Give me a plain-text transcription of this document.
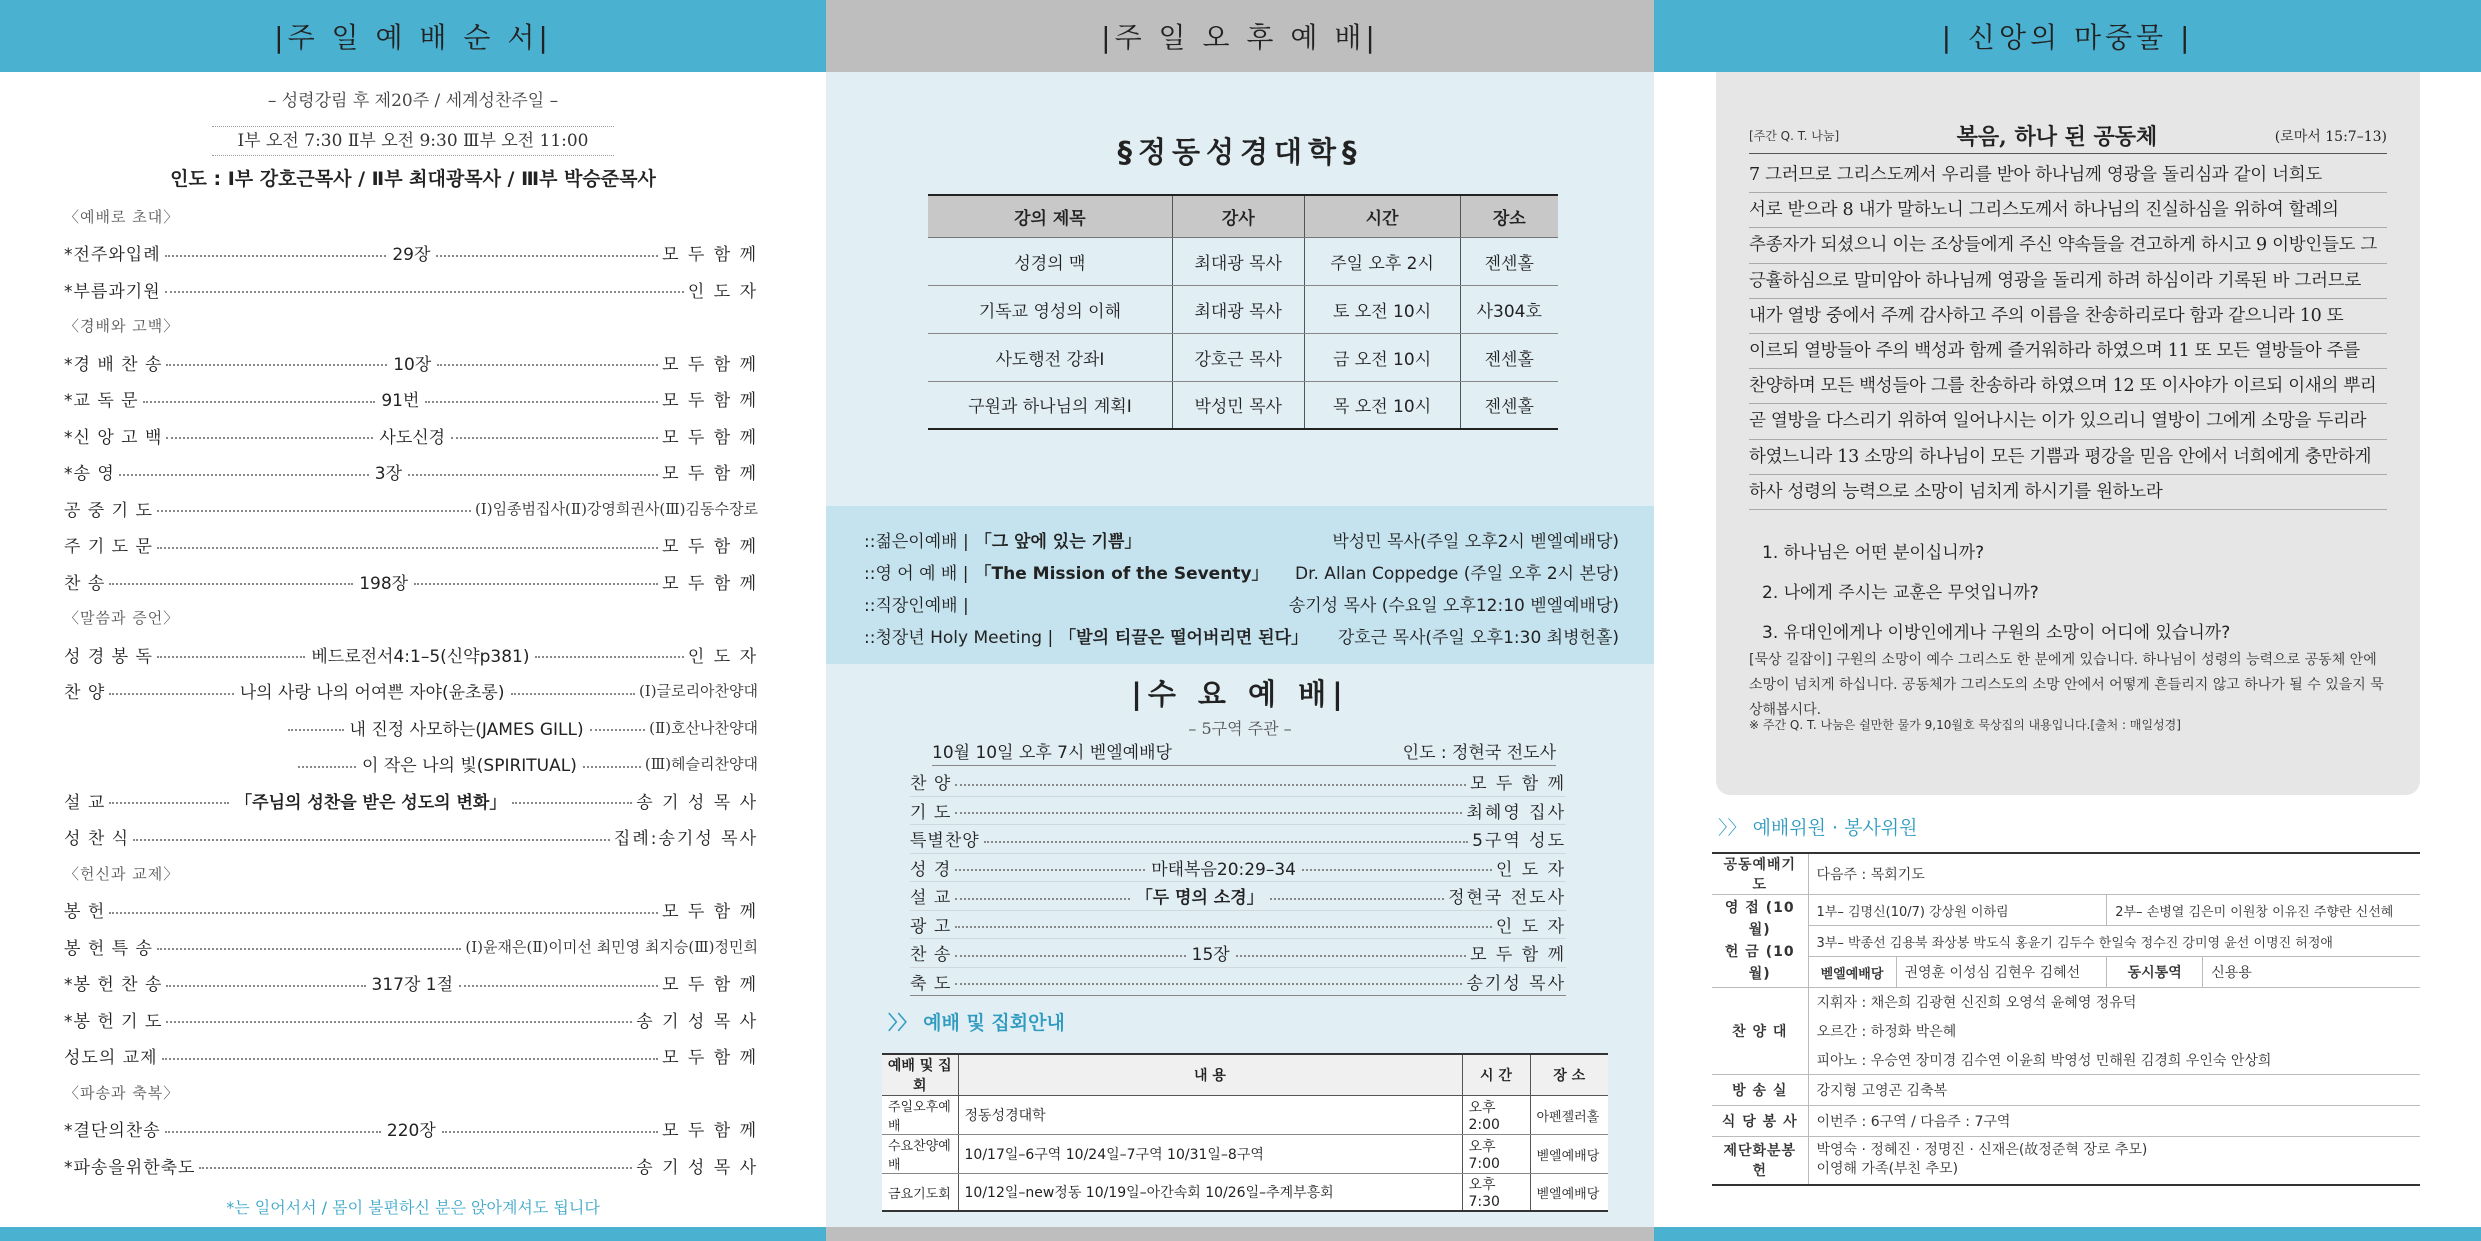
|주 일 예 배 순 서|
– 성령강림 후 제20주 / 세계성찬주일 –
Ⅰ부 오전 7:30 Ⅱ부 오전 9:30 Ⅲ부 오전 11:00
인도 : Ⅰ부 강호근목사 / Ⅱ부 최대광목사 / Ⅲ부 박승준목사
〈예배로 초대〉
*전주와입례	29장	모 두 함 께
*부름과기원	인 도 자
〈경배와 고백〉
*경 배 찬 송	10장	모 두 함 께
*교 독 문	91번	모 두 함 께
*신 앙 고 백	사도신경	모 두 함 께
*송 영	3장	모 두 함 께
공 중 기 도	(Ⅰ)임종범집사(Ⅱ)강영희권사(Ⅲ)김동수장로
주 기 도 문	모 두 함 께
찬 송	198장	모 두 함 께
〈말씀과 증언〉
성 경 봉 독	베드로전서4:1–5(신약p381)	인 도 자
찬 양	나의 사랑 나의 어여쁜 자야(윤초롱)	(Ⅰ)글로리아찬양대
내 진정 사모하는(JAMES GILL)	(Ⅱ)호산나찬양대
이 작은 나의 빛(SPIRITUAL)	(Ⅲ)헤슬리찬양대
설 교	「주님의 성찬을 받은 성도의 변화」	송 기 성 목 사
성 찬 식	집례:송기성 목사
〈헌신과 교제〉
봉 헌	모 두 함 께
봉 헌 특 송	(Ⅰ)윤재은(Ⅱ)이미선 최민영 최지승(Ⅲ)정민희
*봉 헌 찬 송	317장 1절	모 두 함 께
*봉 헌 기 도	송 기 성 목 사
성도의 교제	모 두 함 께
〈파송과 축복〉
*결단의찬송	220장	모 두 함 께
*파송을위한축도	송 기 성 목 사
*는 일어서서 / 몸이 불편하신 분은 앉아계셔도 됩니다
|주 일 오 후 예 배|
§정동성경대학§
강의 제목	강사	시간	장소
성경의 맥	최대광 목사	주일 오후 2시	젠센홀
기독교 영성의 이해	최대광 목사	토 오전 10시	사304호
사도행전 강좌Ⅰ	강호근 목사	금 오전 10시	젠센홀
구원과 하나님의 계획Ⅰ	박성민 목사	목 오전 10시	젠센홀
::젊은이예배 | 「그 앞에 있는 기쁨」	박성민 목사(주일 오후2시 벧엘예배당)
::영 어 예 배 | 「The Mission of the Seventy」 Dr. Allan Coppedge (주일 오후 2시 본당)
::직장인예배 |	송기성 목사 (수요일 오후12:10 벧엘예배당)
::청장년 Holy Meeting | 「발의 티끌은 떨어버리면 된다」 강호근 목사(주일 오후1:30 최병헌홀)
|수 요 예 배|
– 5구역 주관 –
10월 10일 오후 7시 벧엘예배당	인도 : 정현국 전도사
찬 양	모 두 함 께
기 도	최혜영 집사
특별찬양	5구역 성도
성 경	마태복음20:29–34	인 도 자
설 교	「두 명의 소경」	정현국 전도사
광 고	인 도 자
찬 송	15장	모 두 함 께
축 도	송기성 목사
〉〉 예배 및 집회안내
예배 및 집회	내 용	시 간	장 소
주일오후예배	정동성경대학	오후 2:00	아펜젤러홀
수요찬양예배	10/17일–6구역 10/24일–7구역 10/31일–8구역	오후 7:00	벧엘예배당
금요기도회	10/12일–new정동 10/19일–아간속회 10/26일–추계부흥회	오후 7:30	벧엘예배당
| 신앙의 마중물 |
[주간 Q. T. 나눔]	복음, 하나 된 공동체	(로마서 15:7–13)
7 그러므로 그리스도께서 우리를 받아 하나님께 영광을 돌리심과 같이 너희도
서로 받으라 8 내가 말하노니 그리스도께서 하나님의 진실하심을 위하여 할례의
추종자가 되셨으니 이는 조상들에게 주신 약속들을 견고하게 하시고 9 이방인들도 그
긍휼하심으로 말미암아 하나님께 영광을 돌리게 하려 하심이라 기록된 바 그러므로
내가 열방 중에서 주께 감사하고 주의 이름을 찬송하리로다 함과 같으니라 10 또
이르되 열방들아 주의 백성과 함께 즐거워하라 하였으며 11 또 모든 열방들아 주를
찬양하며 모든 백성들아 그를 찬송하라 하였으며 12 또 이사야가 이르되 이새의 뿌리
곧 열방을 다스리기 위하여 일어나시는 이가 있으리니 열방이 그에게 소망을 두리라
하였느니라 13 소망의 하나님이 모든 기쁨과 평강을 믿음 안에서 너희에게 충만하게
하사 성령의 능력으로 소망이 넘치게 하시기를 원하노라
1. 하나님은 어떤 분이십니까?
2. 나에게 주시는 교훈은 무엇입니까?
3. 유대인에게나 이방인에게나 구원의 소망이 어디에 있습니까?
[묵상 길잡이] 구원의 소망이 예수 그리스도 한 분에게 있습니다. 하나님이 성령의 능력으로 공동체 안에 소망이 넘치게 하십니다. 공동체가 그리스도의 소망 안에서 어떻게 흔들리지 않고 하나가 될 수 있을지 묵상해봅시다.
※ 주간 Q. T. 나눔은 쉴만한 물가 9,10월호 묵상집의 내용입니다.[출처 : 매일성경]
〉〉 예배위원 · 봉사위원
공동예배기도	다음주 : 목회기도			
영 접 (10월)
헌 금 (10월)	1부– 김명신(10/7) 강상원 이하림		2부– 손병열 김은미 이원창 이유진 주향란 신선혜	
	3부– 박종선 김용북 좌상봉 박도식 홍윤기 김두수 한일숙 정수진 강미영 윤선 이명진 허정애			
	벧엘예배당	권영훈 이성심 김현우 김혜선	동시통역	신용용
찬 양 대	지휘자 : 채은희 김광현 신진희 오영석 윤혜영 정유덕			
	오르간 : 하정화 박은혜			
	피아노 : 우승연 장미경 김수연 이윤희 박영성 민해원 김경희 우인숙 안상희			
방 송 실	강지형 고영곤 김축복			
식 당 봉 사	이번주 : 6구역 / 다음주 : 7구역			
제단화분봉헌	박영숙 · 정혜진 · 정명진 · 신재은(故정준혁 장로 추모)
이영해 가족(부친 추모)			
